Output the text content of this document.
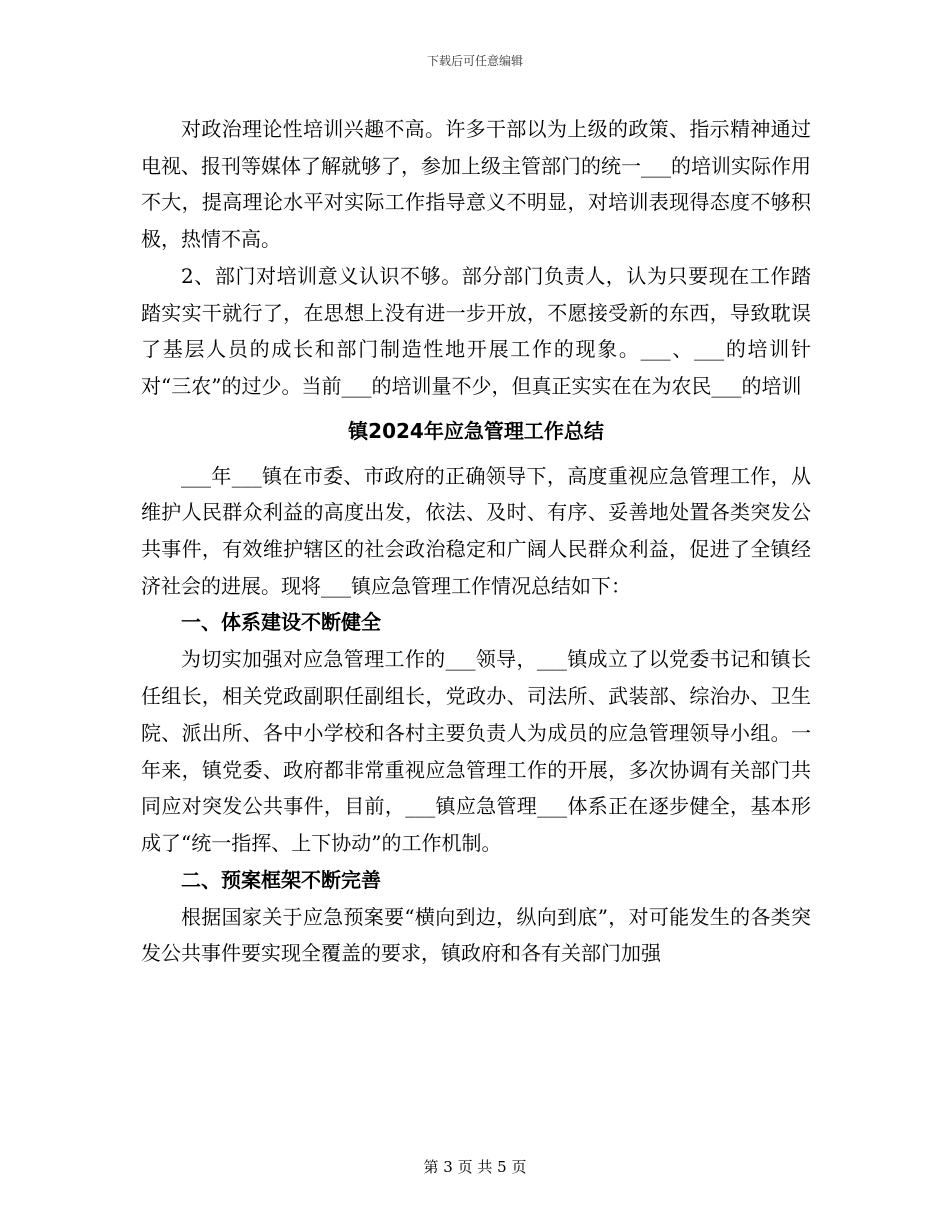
下载后可任意编辑

对政治理论性培训兴趣不高。许多干部以为上级的政策、指示精神通过电视、报刊等媒体了解就够了，参加上级主管部门的统一___的培训实际作用不大，提高理论水平对实际工作指导意义不明显，对培训表现得态度不够积极，热情不高。

2、部门对培训意义认识不够。部分部门负责人，认为只要现在工作踏踏实实干就行了，在思想上没有进一步开放，不愿接受新的东西，导致耽误了基层人员的成长和部门制造性地开展工作的现象。___、___的培训针对“三农”的过少。当前___的培训量不少，但真正实实在在为农民___的培训

镇2024年应急管理工作总结

___年___镇在市委、市政府的正确领导下，高度重视应急管理工作，从维护人民群众利益的高度出发，依法、及时、有序、妥善地处置各类突发公共事件，有效维护辖区的社会政治稳定和广阔人民群众利益，促进了全镇经济社会的进展。现将___镇应急管理工作情况总结如下：

一、体系建设不断健全

为切实加强对应急管理工作的___领导，___镇成立了以党委书记和镇长任组长，相关党政副职任副组长，党政办、司法所、武装部、综治办、卫生院、派出所、各中小学校和各村主要负责人为成员的应急管理领导小组。一年来，镇党委、政府都非常重视应急管理工作的开展，多次协调有关部门共同应对突发公共事件，目前，___镇应急管理___体系正在逐步健全，基本形成了“统一指挥、上下协动”的工作机制。

二、预案框架不断完善

根据国家关于应急预案要“横向到边，纵向到底”，对可能发生的各类突发公共事件要实现全覆盖的要求，镇政府和各有关部门加强

第 3 页 共 5 页
